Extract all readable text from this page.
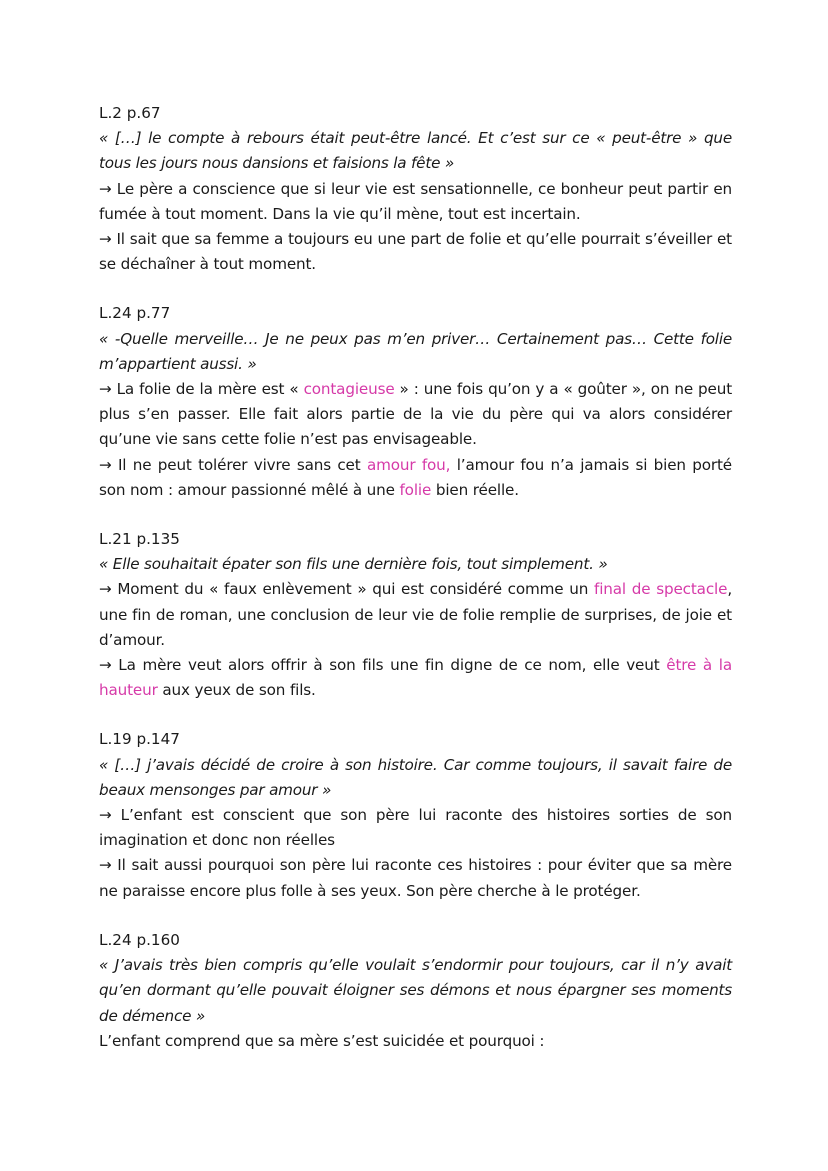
L.2 p.67

« […] le compte à rebours était peut-être lancé. Et c’est sur ce « peut-être » que tous les jours nous dansions et faisions la fête »

→ Le père a conscience que si leur vie est sensationnelle, ce bonheur peut partir en fumée à tout moment. Dans la vie qu’il mène, tout est incertain.

→ Il sait que sa femme a toujours eu une part de folie et qu’elle pourrait s’éveiller et se déchaîner à tout moment.

L.24 p.77

« -Quelle merveille… Je ne peux pas m’en priver… Certainement pas… Cette folie m’appartient aussi. »

→ La folie de la mère est « contagieuse » : une fois qu’on y a « goûter », on ne peut plus s’en passer. Elle fait alors partie de la vie du père qui va alors considérer qu’une vie sans cette folie n’est pas envisageable.

→ Il ne peut tolérer vivre sans cet amour fou, l’amour fou n’a jamais si bien porté son nom : amour passionné mêlé à une folie bien réelle.

L.21 p.135

« Elle souhaitait épater son fils une dernière fois, tout simplement. »

→ Moment du « faux enlèvement » qui est considéré comme un final de spectacle, une fin de roman, une conclusion de leur vie de folie remplie de surprises, de joie et d’amour.

→ La mère veut alors offrir à son fils une fin digne de ce nom, elle veut être à la hauteur aux yeux de son fils.

L.19 p.147

« […] j’avais décidé de croire à son histoire. Car comme toujours, il savait faire de beaux mensonges par amour »

→ L’enfant est conscient que son père lui raconte des histoires sorties de son imagination et donc non réelles

→ Il sait aussi pourquoi son père lui raconte ces histoires : pour éviter que sa mère ne paraisse encore plus folle à ses yeux. Son père cherche à le protéger.

L.24 p.160

« J’avais très bien compris qu’elle voulait s’endormir pour toujours, car il n’y avait qu’en dormant qu’elle pouvait éloigner ses démons et nous épargner ses moments de démence »

L’enfant comprend que sa mère s’est suicidée et pourquoi :
